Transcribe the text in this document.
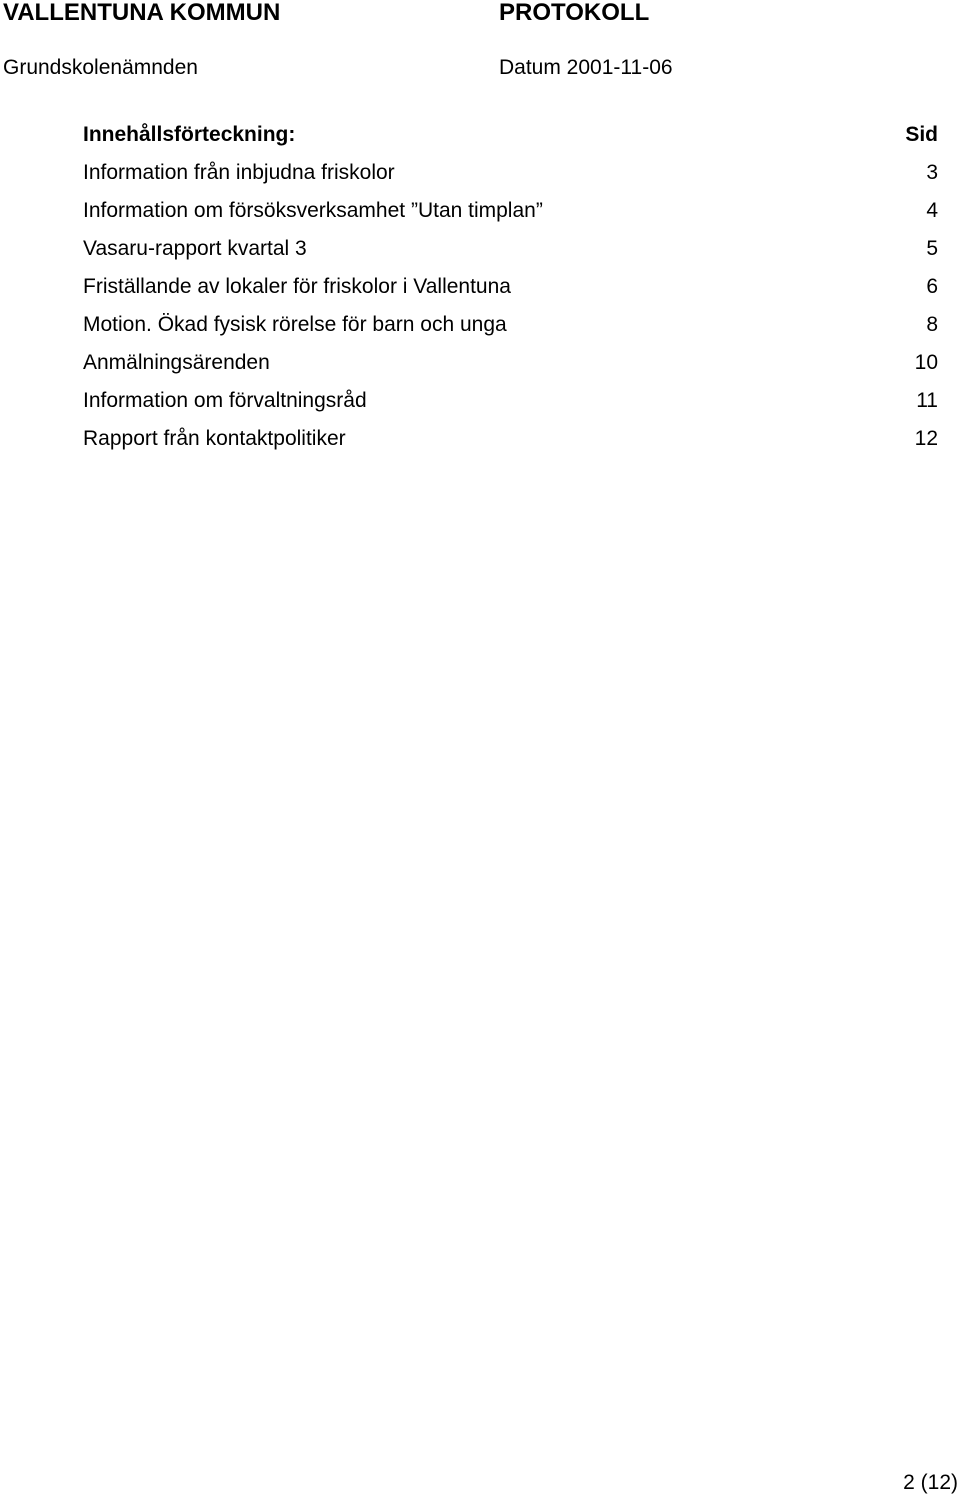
VALLENTUNA KOMMUN	PROTOKOLL
Grundskolenämnden	Datum 2001-11-06
Innehållsförteckning:	Sid
Information från inbjudna friskolor	3
Information om försöksverksamhet ”Utan timplan”	4
Vasaru-rapport kvartal 3	5
Friställande av lokaler för friskolor i Vallentuna	6
Motion. Ökad fysisk rörelse för barn och unga	8
Anmälningsärenden	10
Information om förvaltningsråd	11
Rapport från kontaktpolitiker	12
2 (12)
